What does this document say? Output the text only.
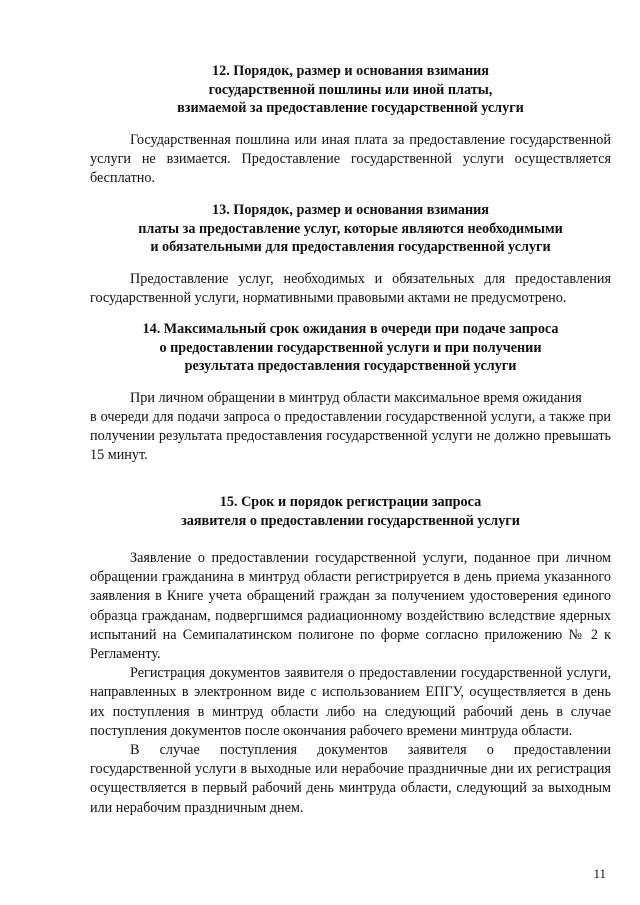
12. Порядок, размер и основания взимания
государственной пошлины или иной платы,
взимаемой за предоставление государственной услуги

Государственная пошлина или иная плата за предоставление государственной услуги не взимается. Предоставление государственной услуги осуществляется бесплатно.

13. Порядок, размер и основания взимания
платы за предоставление услуг, которые являются необходимыми
и обязательными для предоставления государственной услуги

Предоставление услуг, необходимых и обязательных для предоставления государственной услуги, нормативными правовыми актами не предусмотрено.

14. Максимальный срок ожидания в очереди при подаче запроса
о предоставлении государственной услуги и при получении
результата предоставления государственной услуги

При личном обращении в минтруд области максимальное время ожидания

в очереди для подачи запроса о предоставлении государственной услуги, а также при получении результата предоставления государственной услуги не должно превышать 15 минут.

15. Срок и порядок регистрации запроса
заявителя о предоставлении государственной услуги

Заявление о предоставлении государственной услуги, поданное при личном обращении гражданина в минтруд области регистрируется в день приема указанного заявления в Книге учета обращений граждан за получением удостоверения единого образца гражданам, подвергшимся радиационному воздействию вследствие ядерных испытаний на Семипалатинском полигоне по форме согласно приложению № 2 к Регламенту.

Регистрация документов заявителя о предоставлении государственной услуги, направленных в электронном виде с использованием ЕПГУ, осуществляется в день их поступления в минтруд области либо на следующий рабочий день в случае поступления документов после окончания рабочего времени минтруда области.

В случае поступления документов заявителя о предоставлении государственной услуги в выходные или нерабочие праздничные дни их регистрация осуществляется в первый рабочий день минтруда области, следующий за выходным или нерабочим праздничным днем.

11
